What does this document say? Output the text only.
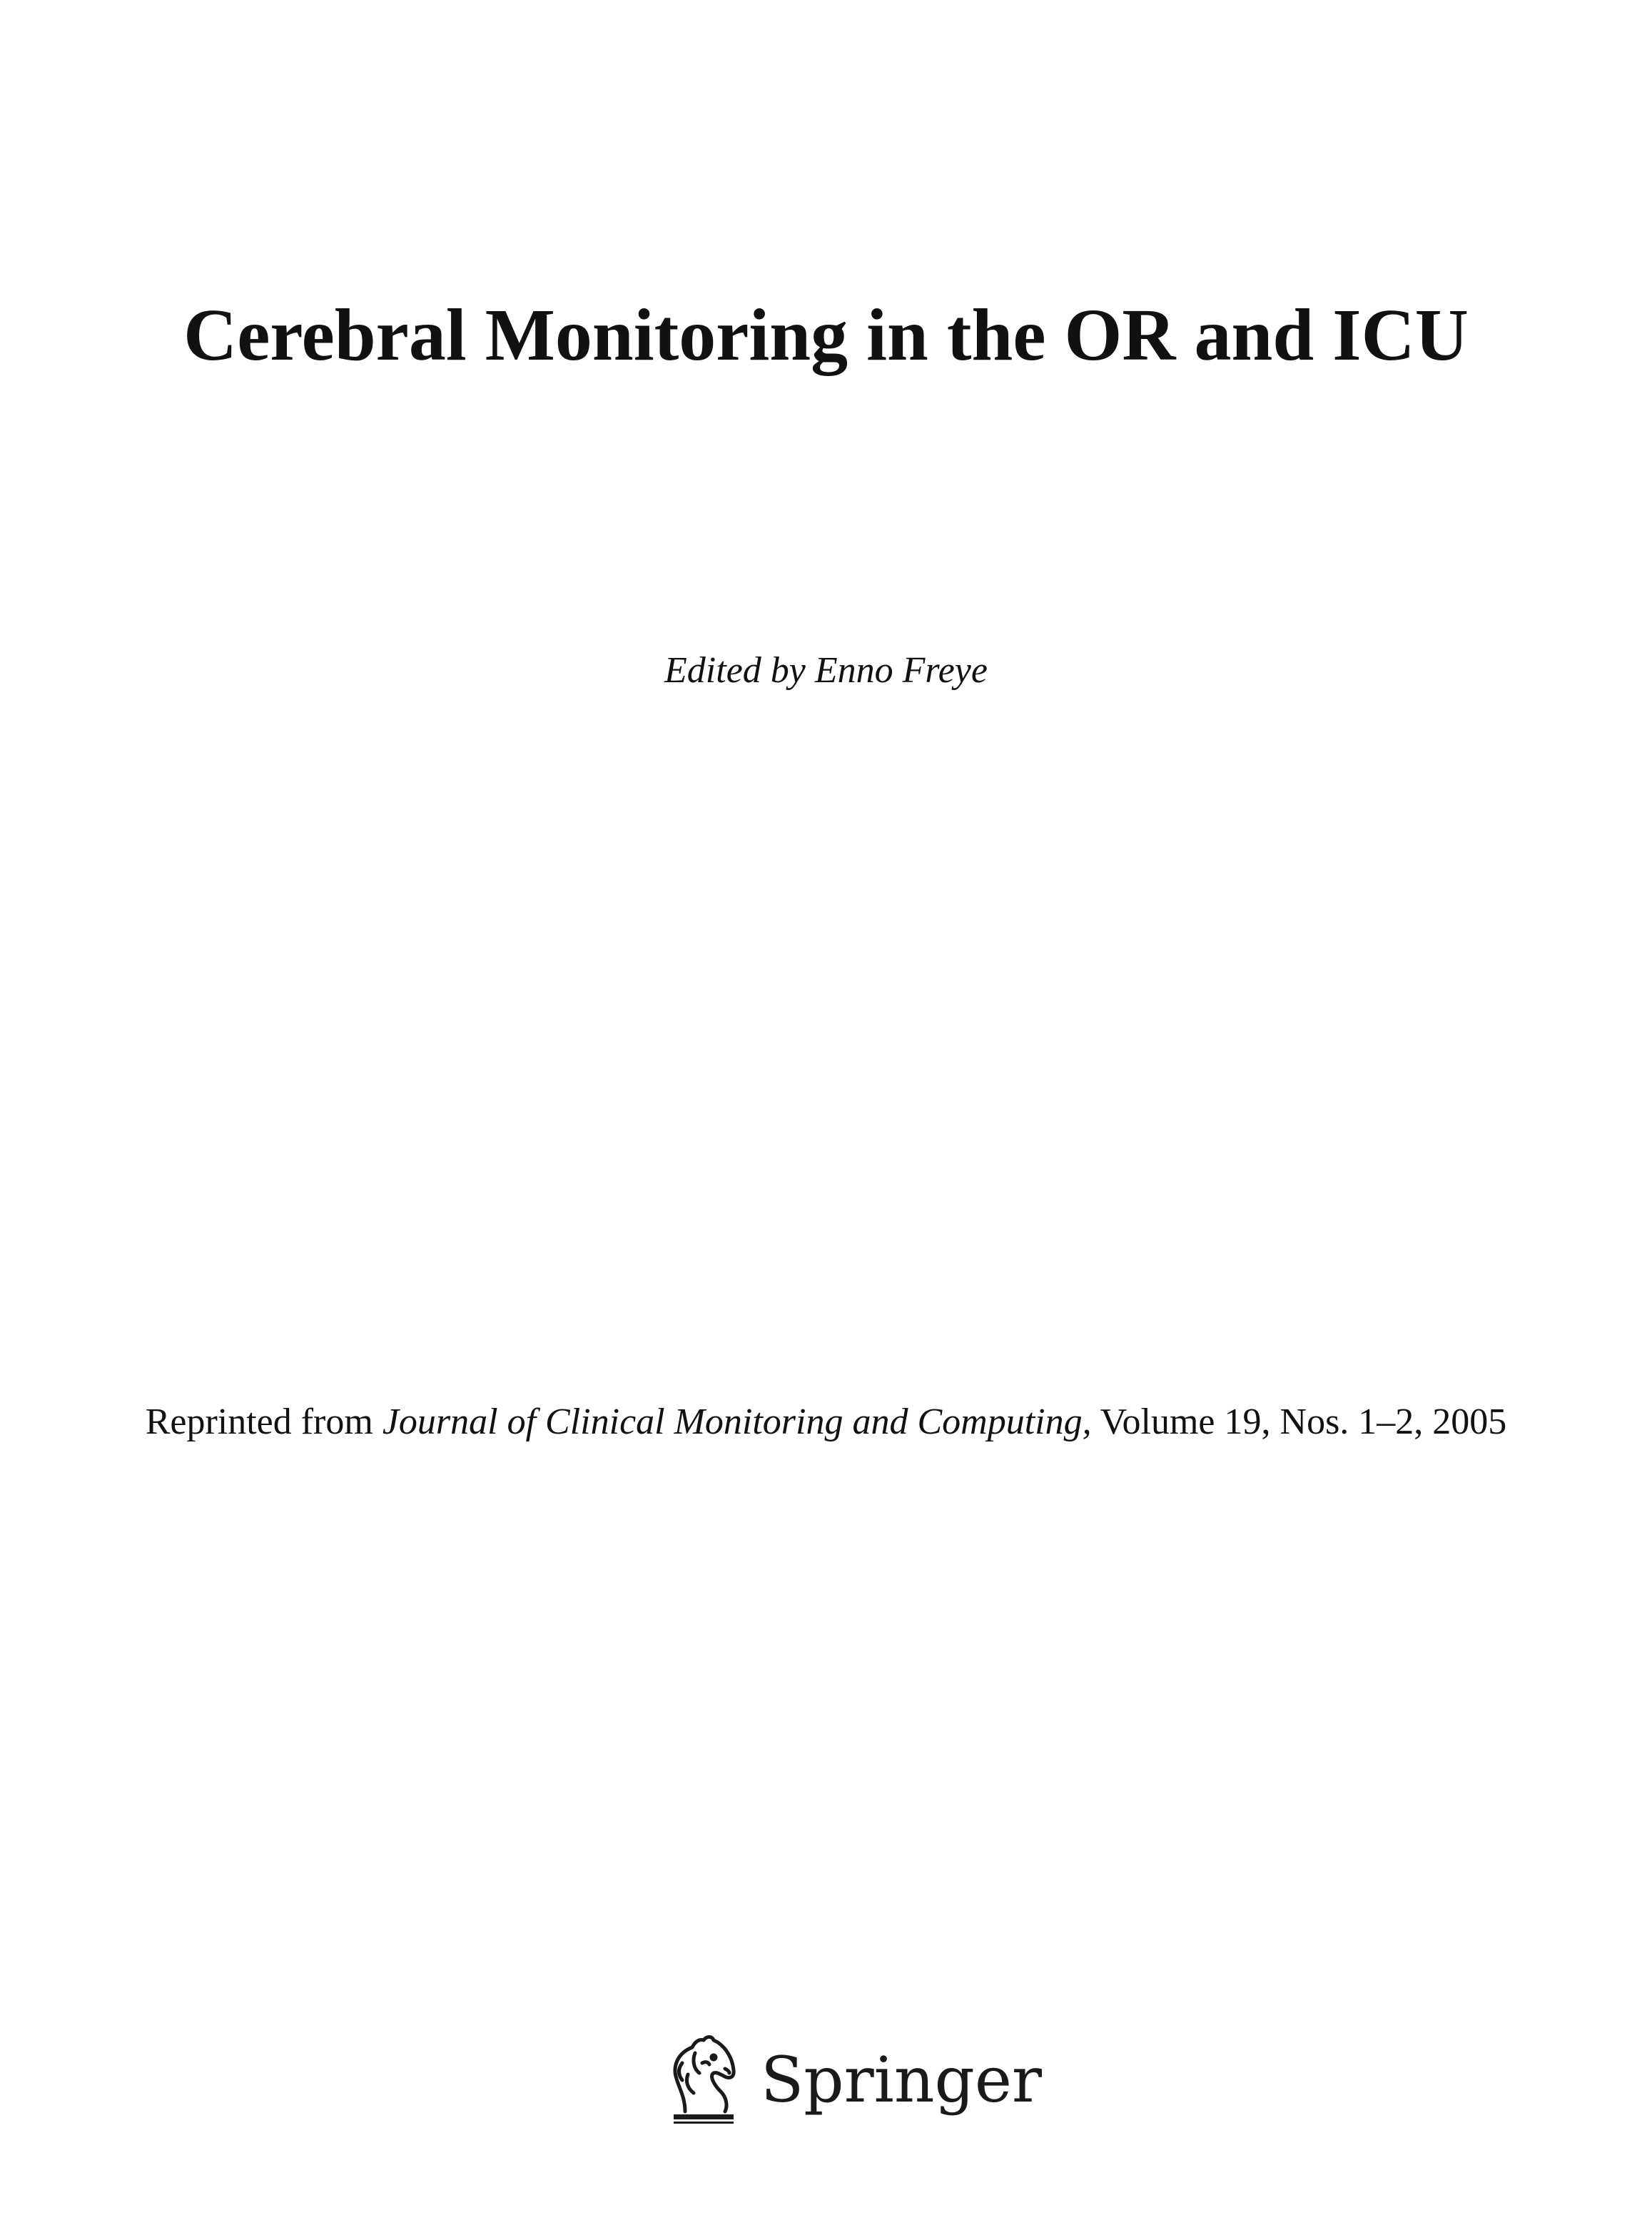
Cerebral Monitoring in the OR and ICU
Edited by Enno Freye
Reprinted from Journal of Clinical Monitoring and Computing, Volume 19, Nos. 1–2, 2005
Springer
